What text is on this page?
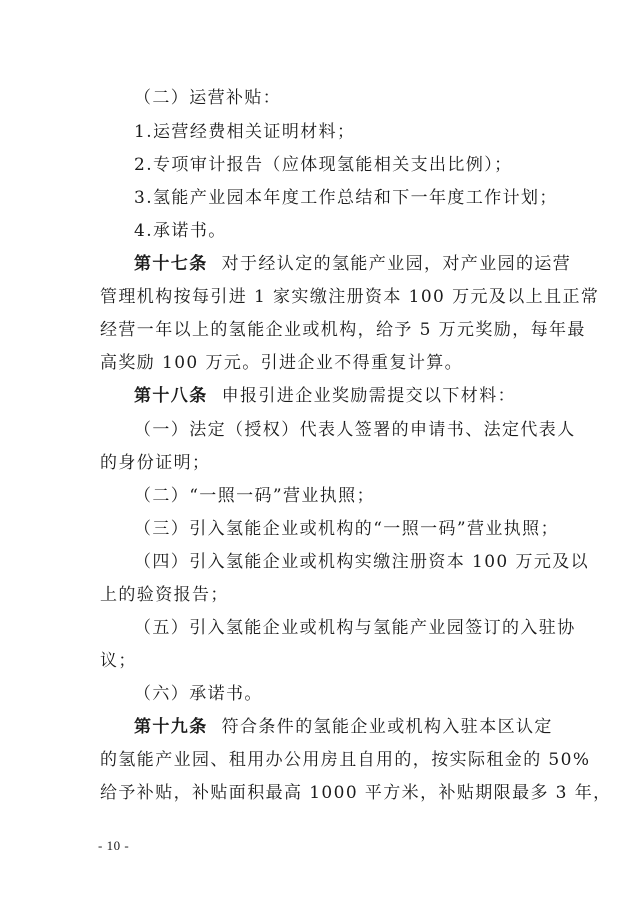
（二）运营补贴：
1.运营经费相关证明材料；
2.专项审计报告（应体现氢能相关支出比例）；
3.氢能产业园本年度工作总结和下一年度工作计划；
4.承诺书。
第十七条 对于经认定的氢能产业园，对产业园的运营
管理机构按每引进 1 家实缴注册资本 100 万元及以上且正常
经营一年以上的氢能企业或机构，给予 5 万元奖励，每年最
高奖励 100 万元。引进企业不得重复计算。
第十八条 申报引进企业奖励需提交以下材料：
（一）法定（授权）代表人签署的申请书、法定代表人
的身份证明；
（二）“一照一码”营业执照；
（三）引入氢能企业或机构的“一照一码”营业执照；
（四）引入氢能企业或机构实缴注册资本 100 万元及以
上的验资报告；
（五）引入氢能企业或机构与氢能产业园签订的入驻协
议；
（六）承诺书。
第十九条 符合条件的氢能企业或机构入驻本区认定
的氢能产业园、租用办公用房且自用的，按实际租金的 50%
给予补贴，补贴面积最高 1000 平方米，补贴期限最多 3 年，
- 10 -
